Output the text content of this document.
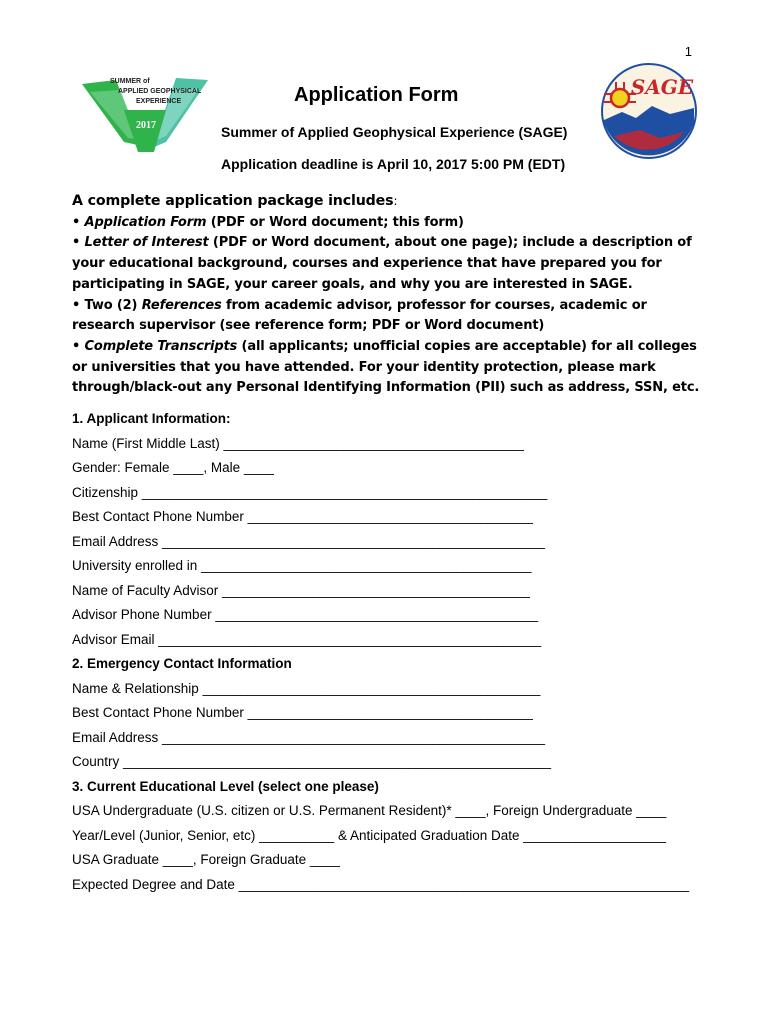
1
SUMMER of
APPLIED GEOPHYSICAL
EXPERIENCE
2017
SAGE
Application Form
Summer of Applied Geophysical Experience (SAGE)
Application deadline is April 10, 2017 5:00 PM (EDT)
A complete application package includes:
• Application Form (PDF or Word document; this form)
• Letter of Interest (PDF or Word document, about one page); include a description of your educational background, courses and experience that have prepared you for participating in SAGE, your career goals, and why you are interested in SAGE.
• Two (2) References from academic advisor, professor for courses, academic or research supervisor (see reference form; PDF or Word document)
• Complete Transcripts (all applicants; unofficial copies are acceptable) for all colleges or universities that you have attended. For your identity protection, please mark through/black-out any Personal Identifying Information (PII) such as address, SSN, etc.
1. Applicant Information:
Name (First Middle Last) ________________________________________
Gender: Female ____, Male ____
Citizenship ______________________________________________________
Best Contact Phone Number ______________________________________
Email Address ___________________________________________________
University enrolled in ____________________________________________
Name of Faculty Advisor _________________________________________
Advisor Phone Number ___________________________________________
Advisor Email ___________________________________________________
2. Emergency Contact Information
Name & Relationship _____________________________________________
Best Contact Phone Number ______________________________________
Email Address ___________________________________________________
Country _________________________________________________________
3. Current Educational Level (select one please)
USA Undergraduate (U.S. citizen or U.S. Permanent Resident)* ____, Foreign Undergraduate ____
Year/Level (Junior, Senior, etc) __________ & Anticipated Graduation Date ___________________
USA Graduate ____, Foreign Graduate ____
Expected Degree and Date ____________________________________________________________
